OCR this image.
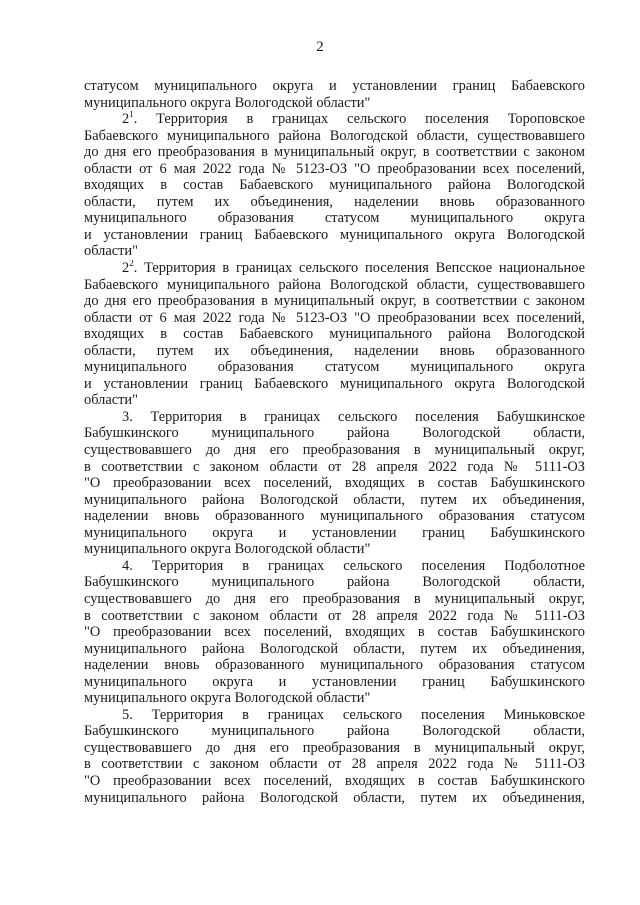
2
статусом муниципального округа и установлении границ Бабаевского
муниципального округа Вологодской области"
$2^1$. Территория в границах сельского поселения Тороповское
Бабаевского муниципального района Вологодской области, существовавшего
до дня его преобразования в муниципальный округ, в соответствии с законом
области от 6 мая 2022 года № 5123-ОЗ "О преобразовании всех поселений,
входящих в состав Бабаевского муниципального района Вологодской
области, путем их объединения, наделении вновь образованного
муниципального образования статусом муниципального округа
и установлении границ Бабаевского муниципального округа Вологодской
области"
$2^2$. Территория в границах сельского поселения Вепсское национальное
Бабаевского муниципального района Вологодской области, существовавшего
до дня его преобразования в муниципальный округ, в соответствии с законом
области от 6 мая 2022 года № 5123-ОЗ "О преобразовании всех поселений,
входящих в состав Бабаевского муниципального района Вологодской
области, путем их объединения, наделении вновь образованного
муниципального образования статусом муниципального округа
и установлении границ Бабаевского муниципального округа Вологодской
области"
3. Территория в границах сельского поселения Бабушкинское
Бабушкинского муниципального района Вологодской области,
существовавшего до дня его преобразования в муниципальный округ,
в соответствии с законом области от 28 апреля 2022 года № 5111-ОЗ
"О преобразовании всех поселений, входящих в состав Бабушкинского
муниципального района Вологодской области, путем их объединения,
наделении вновь образованного муниципального образования статусом
муниципального округа и установлении границ Бабушкинского
муниципального округа Вологодской области"
4. Территория в границах сельского поселения Подболотное
Бабушкинского муниципального района Вологодской области,
существовавшего до дня его преобразования в муниципальный округ,
в соответствии с законом области от 28 апреля 2022 года № 5111-ОЗ
"О преобразовании всех поселений, входящих в состав Бабушкинского
муниципального района Вологодской области, путем их объединения,
наделении вновь образованного муниципального образования статусом
муниципального округа и установлении границ Бабушкинского
муниципального округа Вологодской области"
5. Территория в границах сельского поселения Миньковское
Бабушкинского муниципального района Вологодской области,
существовавшего до дня его преобразования в муниципальный округ,
в соответствии с законом области от 28 апреля 2022 года № 5111-ОЗ
"О преобразовании всех поселений, входящих в состав Бабушкинского
муниципального района Вологодской области, путем их объединения,
